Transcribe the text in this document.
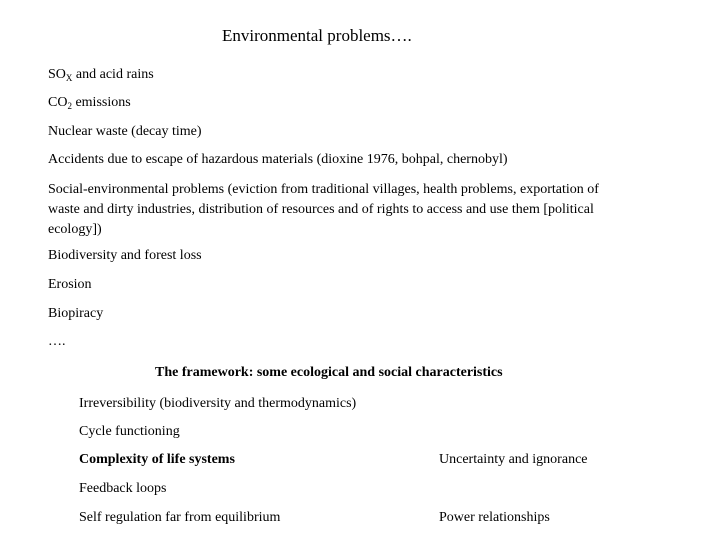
Environmental problems….
$SO_X$ and acid rains
$CO_2$ emissions
Nuclear waste (decay time)
Accidents due to escape of hazardous materials (dioxine 1976, bohpal, chernobyl)
Social-environmental problems (eviction from traditional villages, health problems, exportation of waste and dirty industries, distribution of resources and of rights to access and use them [political ecology])
Biodiversity and forest loss
Erosion
Biopiracy
….
The framework: some ecological and social characteristics
Irreversibility (biodiversity and thermodynamics)
Cycle functioning
Complexity of life systems	Uncertainty and ignorance
Feedback loops
Self regulation far from equilibrium	Power relationships
